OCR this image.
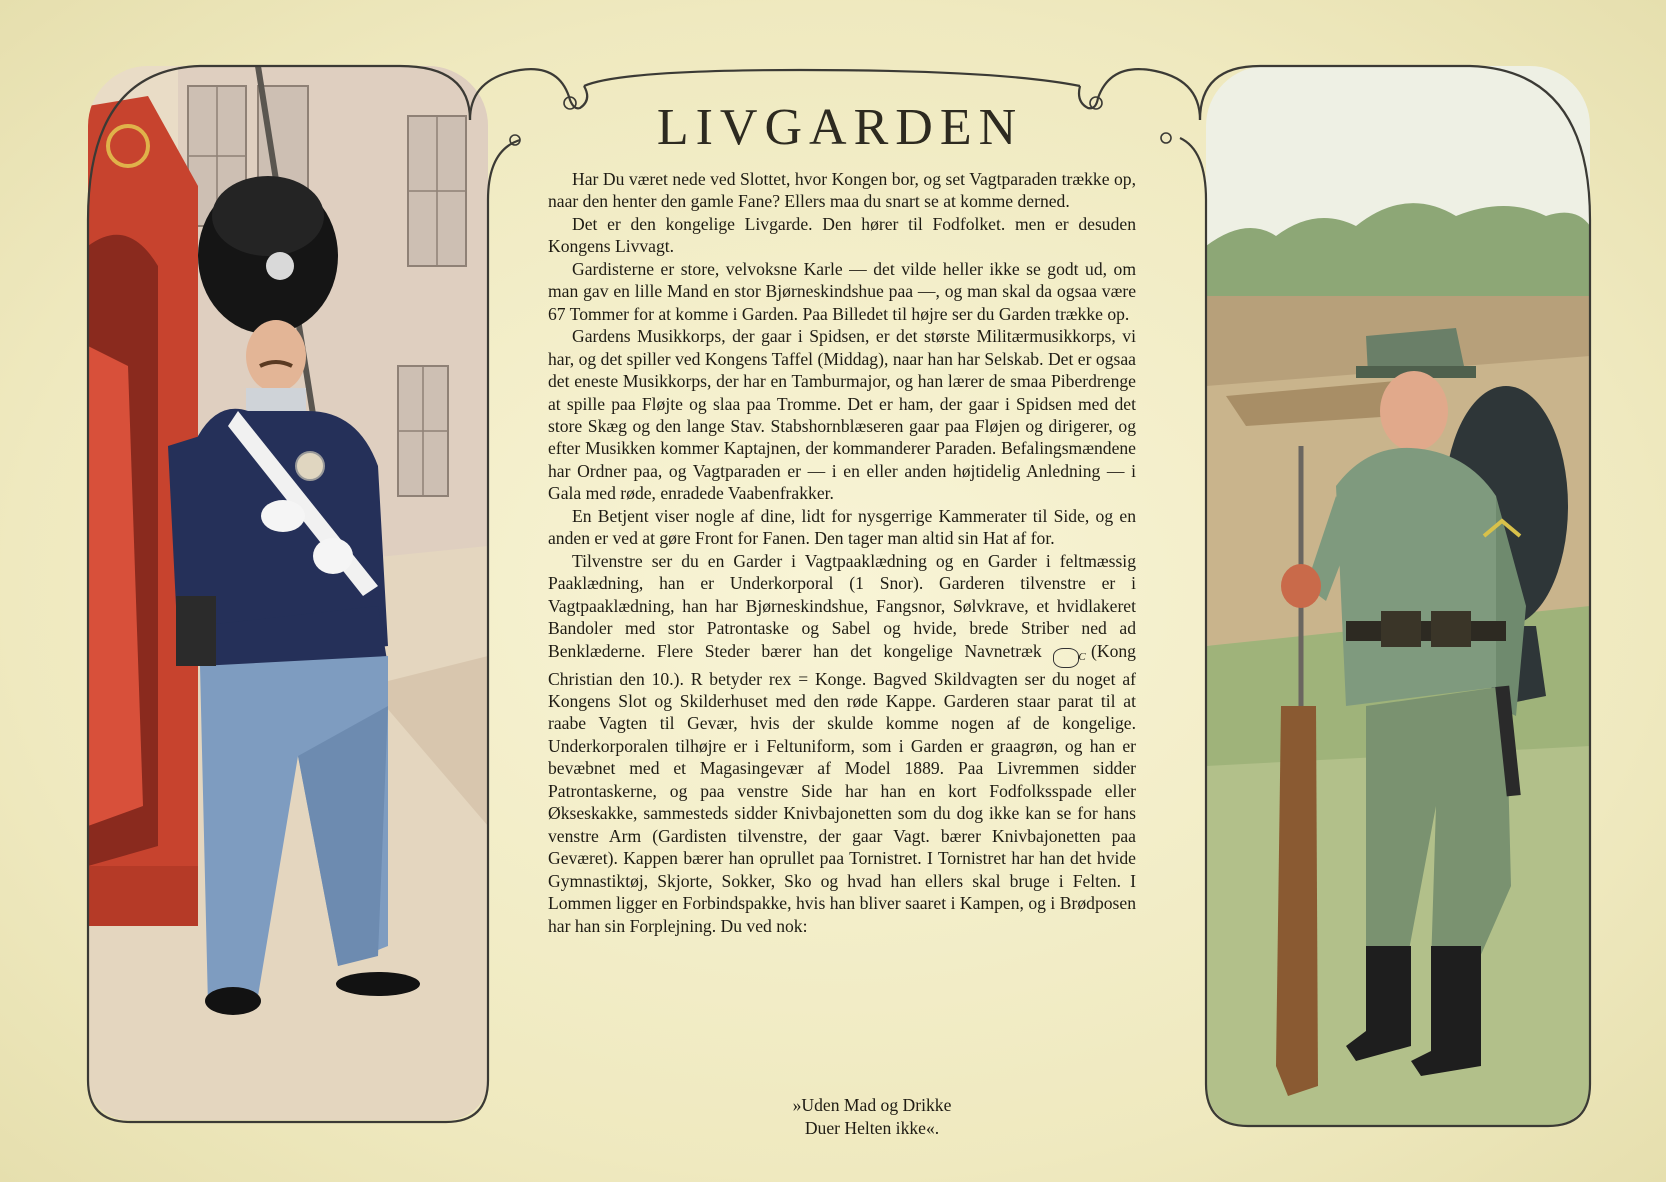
LIVGARDEN

Har Du været nede ved Slottet, hvor Kongen bor, og set Vagtparaden trække op, naar den henter den gamle Fane? Ellers maa du snart se at komme derned.

Det er den kongelige Livgarde. Den hører til Fodfolket. men er desuden Kongens Livvagt.

Gardisterne er store, velvoksne Karle — det vilde heller ikke se godt ud, om man gav en lille Mand en stor Bjørneskindshue paa —, og man skal da ogsaa være 67 Tommer for at komme i Garden. Paa Billedet til højre ser du Garden trække op.

Gardens Musikkorps, der gaar i Spidsen, er det største Militærmusikkorps, vi har, og det spiller ved Kongens Taffel (Middag), naar han har Selskab. Det er ogsaa det eneste Musikkorps, der har en Tamburmajor, og han lærer de smaa Piberdrenge at spille paa Fløjte og slaa paa Tromme. Det er ham, der gaar i Spidsen med det store Skæg og den lange Stav. Stabshornblæseren gaar paa Fløjen og dirigerer, og efter Musikken kommer Kaptajnen, der kommanderer Paraden. Befalingsmændene har Ordner paa, og Vagtparaden er — i en eller anden højtidelig Anledning — i Gala med røde, enradede Vaabenfrakker.

En Betjent viser nogle af dine, lidt for nysgerrige Kammerater til Side, og en anden er ved at gøre Front for Fanen. Den tager man altid sin Hat af for.

Tilvenstre ser du en Garder i Vagtpaaklædning og en Garder i feltmæssig Paaklædning, han er Underkorporal (1 Snor). Garderen tilvenstre er i Vagtpaaklædning, han har Bjørneskindshue, Fangsnor, Sølvkrave, et hvidlakeret Bandoler med stor Patrontaske og Sabel og hvide, brede Striber ned ad Benklæderne. Flere Steder bærer han det kongelige Navnetræk	C (Kong Christian den 10.). R betyder rex = Konge. Bagved Skildvagten ser du noget af Kongens Slot og Skilderhuset med den røde Kappe. Garderen staar parat til at raabe Vagten til Gevær, hvis der skulde komme nogen af de kongelige. Underkorporalen tilhøjre er i Feltuniform, som i Garden er graagrøn, og han er bevæbnet med et Magasingevær af Model 1889. Paa Livremmen sidder Patrontaskerne, og paa venstre Side har han en kort Fodfolksspade eller Økseskakke, sammesteds sidder Knivbajonetten som du dog ikke kan se for hans venstre Arm (Gardisten tilvenstre, der gaar Vagt. bærer Knivbajonetten paa Geværet). Kappen bærer han oprullet paa Tornistret. I Tornistret har han det hvide Gymnastiktøj, Skjorte, Sokker, Sko og hvad han ellers skal bruge i Felten. I Lommen ligger en Forbindspakke, hvis han bliver saaret i Kampen, og i Brødposen har han sin Forplejning. Du ved nok:

»Uden Mad og Drikke
Duer Helten ikke«.
